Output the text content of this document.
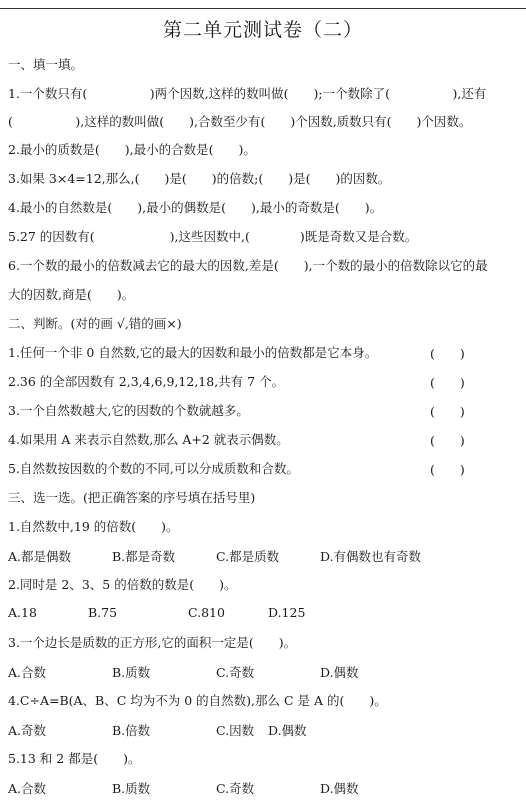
第二单元测试卷（二）
一、填一填。
1.一个数只有(　　　　　)两个因数,这样的数叫做(　　);一个数除了(　　　　　),还有
(　　　　　),这样的数叫做(　　),合数至少有(　　)个因数,质数只有(　　)个因数。
2.最小的质数是(　　),最小的合数是(　　)。
3.如果 3×4=12,那么,(　　)是(　　)的倍数;(　　)是(　　)的因数。
4.最小的自然数是(　　),最小的偶数是(　　),最小的奇数是(　　)。
5.27 的因数有(　　　　　　),这些因数中,(　　　　)既是奇数又是合数。
6.一个数的最小的倍数减去它的最大的因数,差是(　　),一个数的最小的倍数除以它的最
大的因数,商是(　　)。
二、判断。(对的画 √,错的画×)
1.任何一个非 0 自然数,它的最大的因数和最小的倍数都是它本身。	(　　)
2.36 的全部因数有 2,3,4,6,9,12,18,共有 7 个。	(　　)
3.一个自然数越大,它的因数的个数就越多。	(　　)
4.如果用 A 来表示自然数,那么 A+2 就表示偶数。	(　　)
5.自然数按因数的个数的不同,可以分成质数和合数。	(　　)
三、选一选。(把正确答案的序号填在括号里)
1.自然数中,19 的倍数(　　)。
A.都是偶数	B.都是奇数	C.都是质数	D.有偶数也有奇数
2.同时是 2、3、5 的倍数的数是(　　)。
A.18	B.75	C.810	D.125
3.一个边长是质数的正方形,它的面积一定是(　　)。
A.合数	B.质数	C.奇数	D.偶数
4.C÷A=B(A、B、C 均为不为 0 的自然数),那么 C 是 A 的(　　)。
A.奇数	B.倍数	C.因数 D.偶数
5.13 和 2 都是(　　)。
A.合数	B.质数	C.奇数	D.偶数
